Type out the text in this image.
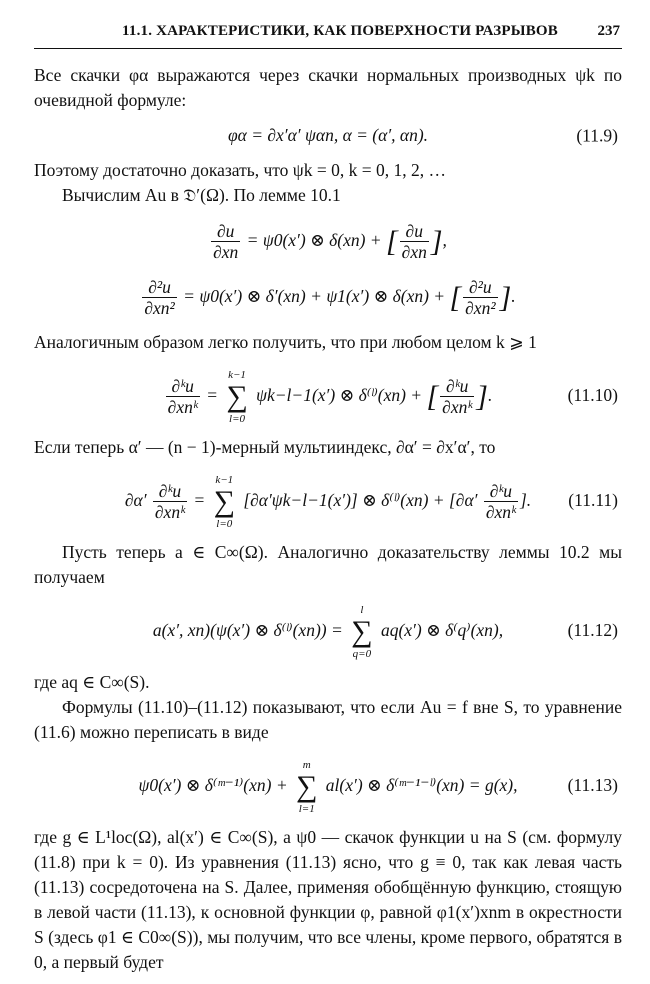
11.1. ХАРАКТЕРИСТИКИ, КАК ПОВЕРХНОСТИ РАЗРЫВОВ	237

Все скачки φα выражаются через скачки нормальных производных ψk по очевидной формуле:

φα = ∂x′α′ ψαn, α = (α′, αn).	(11.9)

Поэтому достаточно доказать, что ψk = 0, k = 0, 1, 2, …

Вычислим Au в 𝔇′(Ω). По лемме 10.1

$\frac{\partial u}{\partial xn} = \psi 0(x')$ ⊗ δ(xn) + [ $\frac{\partial u}{\partial xn}$ ],
$\frac{\text{∂²u}}{\text{∂xn²}} = \psi 0(x')$ ⊗ δ′(xn) + ψ1(x′) ⊗ δ(xn) + [ $\frac{\text{∂²u}}{\text{∂xn²}}$ ].

Аналогичным образом легко получить, что при любом целом k ⩾ 1

$\frac{\text{∂ᵏu}}{\text{∂xnᵏ}}$ =
k−1
∑
l=0
ψk−l−1(x′) ⊗ δ⁽ˡ⁾(xn) + [ $\frac{\text{∂ᵏu}}{\text{∂xnᵏ}}$ ].	(11.10)

Если теперь α′ — (n − 1)-мерный мультииндекс, ∂α′ = ∂x′α′, то

$\partial\alpha' \frac{\text{∂ᵏu}}{\text{∂xnᵏ}}$ =
k−1
∑
l=0
[∂α′ψk−l−1(x′)] ⊗ δ⁽ˡ⁾(xn) + [$\partial\alpha' \frac{\text{∂ᵏu}}{\text{∂xnᵏ}}$ ]. (11.11)

Пусть теперь a ∈ C∞(Ω). Аналогично доказательству леммы 10.2 мы получаем

a(x′, xn)(ψ(x′) ⊗ δ⁽ˡ⁾(xn)) =
l
∑
q=0
aq(x′) ⊗ δ⁽q⁾(xn),	(11.12)

где aq ∈ C∞(S).

Формулы (11.10)–(11.12) показывают, что если Au = f вне S, то уравнение (11.6) можно переписать в виде

ψ0(x′) ⊗ δ⁽ᵐ⁻¹⁾(xn) +
m
∑
l=1
al(x′) ⊗ δ⁽ᵐ⁻¹⁻ˡ⁾(xn) = g(x),	(11.13)

где g ∈ L¹loc(Ω), al(x′) ∈ C∞(S), а ψ0 — скачок функции u на S (см. формулу (11.8) при k = 0). Из уравнения (11.13) ясно, что g ≡ 0, так как левая часть (11.13) сосредоточена на S. Далее, применяя обобщённую функцию, стоящую в левой части (11.13), к основной функции φ, равной φ1(x′)xnm в окрестности S (здесь φ1 ∈ C0∞(S)), мы получим, что все члены, кроме первого, обратятся в 0, а первый будет
